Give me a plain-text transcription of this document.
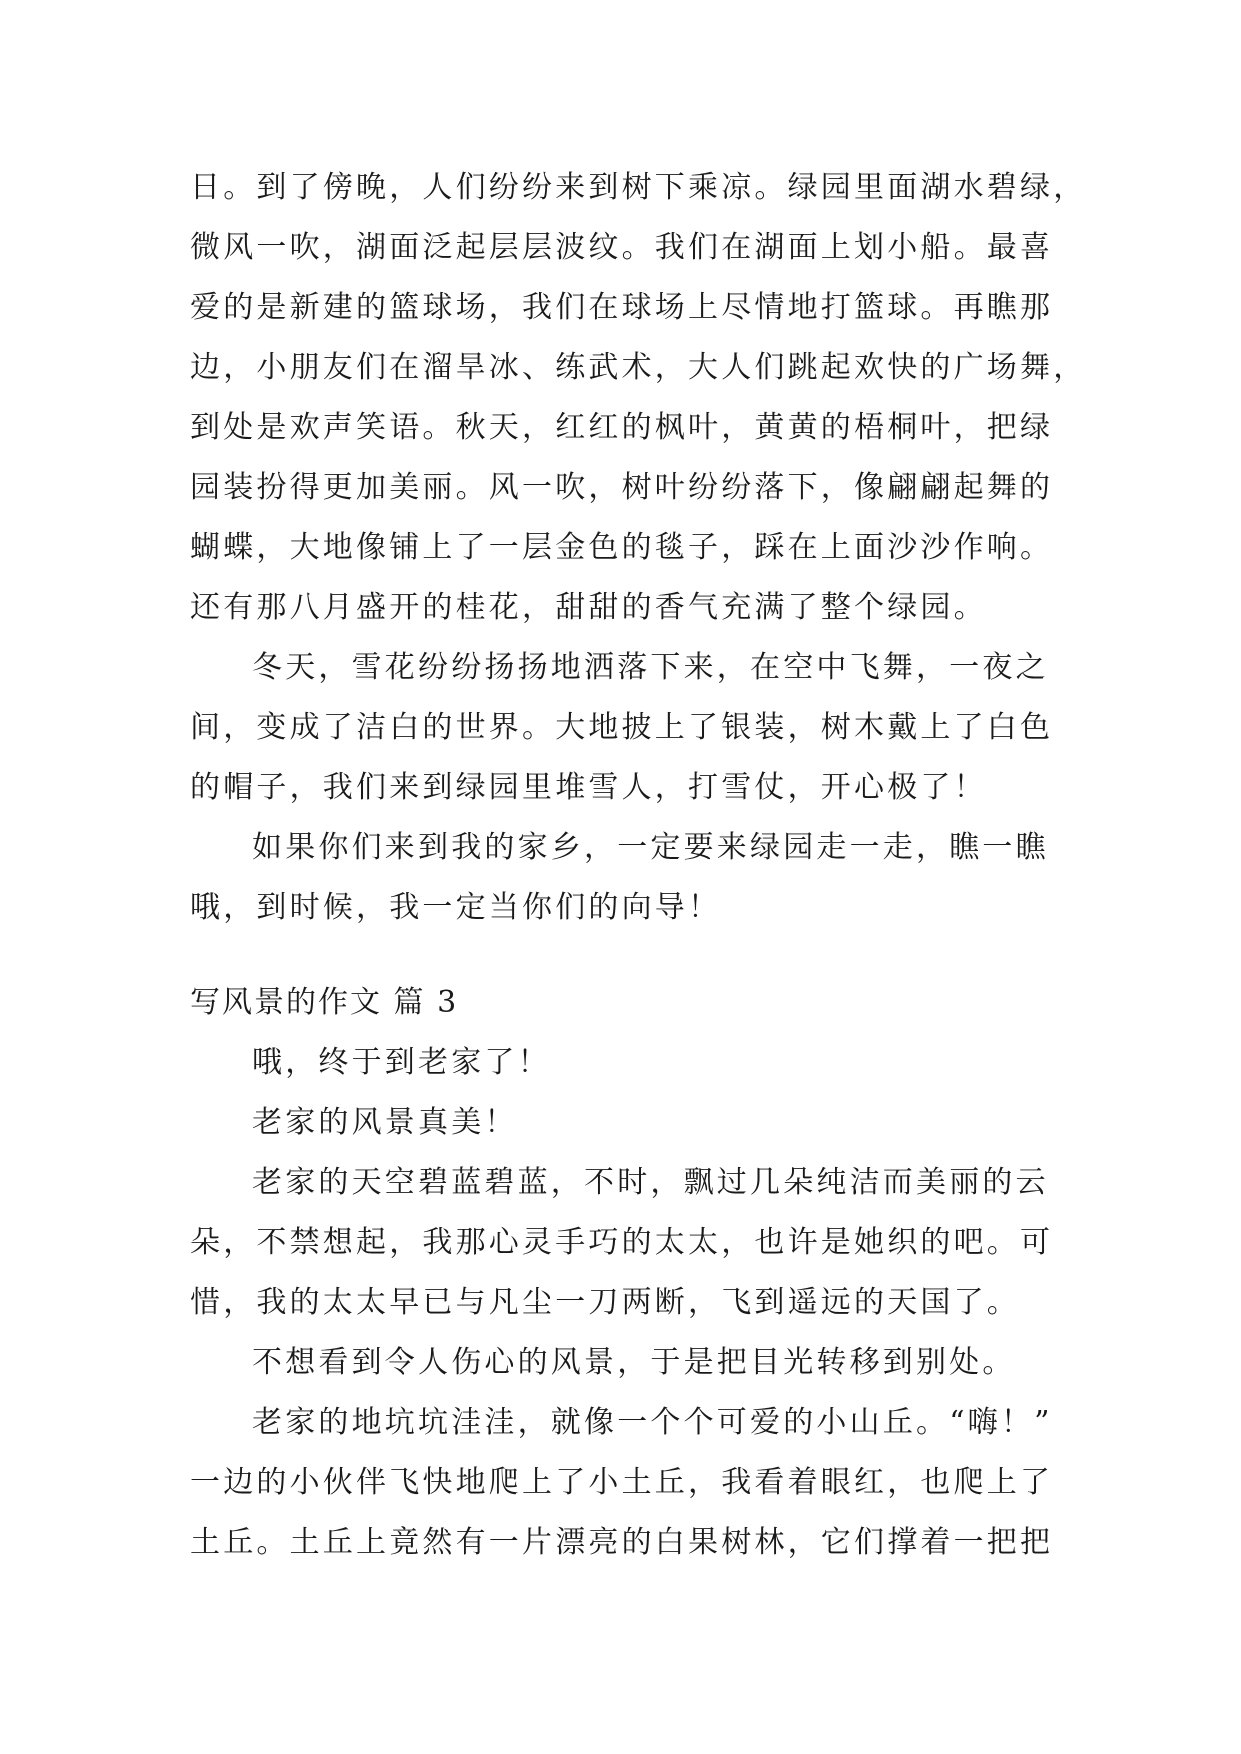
日。到了傍晚，人们纷纷来到树下乘凉。绿园里面湖水碧绿，
微风一吹，湖面泛起层层波纹。我们在湖面上划小船。最喜
爱的是新建的篮球场，我们在球场上尽情地打篮球。再瞧那
边，小朋友们在溜旱冰、练武术，大人们跳起欢快的广场舞，
到处是欢声笑语。秋天，红红的枫叶，黄黄的梧桐叶，把绿
园装扮得更加美丽。风一吹，树叶纷纷落下，像翩翩起舞的
蝴蝶，大地像铺上了一层金色的毯子，踩在上面沙沙作响。
还有那八月盛开的桂花，甜甜的香气充满了整个绿园。
冬天，雪花纷纷扬扬地洒落下来，在空中飞舞，一夜之
间，变成了洁白的世界。大地披上了银装，树木戴上了白色
的帽子，我们来到绿园里堆雪人，打雪仗，开心极了！
如果你们来到我的家乡，一定要来绿园走一走，瞧一瞧
哦，到时候，我一定当你们的向导！
写风景的作文 篇 3
哦，终于到老家了！
老家的风景真美！
老家的天空碧蓝碧蓝，不时，飘过几朵纯洁而美丽的云
朵，不禁想起，我那心灵手巧的太太，也许是她织的吧。可
惜，我的太太早已与凡尘一刀两断，飞到遥远的天国了。
不想看到令人伤心的风景，于是把目光转移到别处。
老家的地坑坑洼洼，就像一个个可爱的小山丘。“嗨！”
一边的小伙伴飞快地爬上了小土丘，我看着眼红，也爬上了
土丘。土丘上竟然有一片漂亮的白果树林，它们撑着一把把
